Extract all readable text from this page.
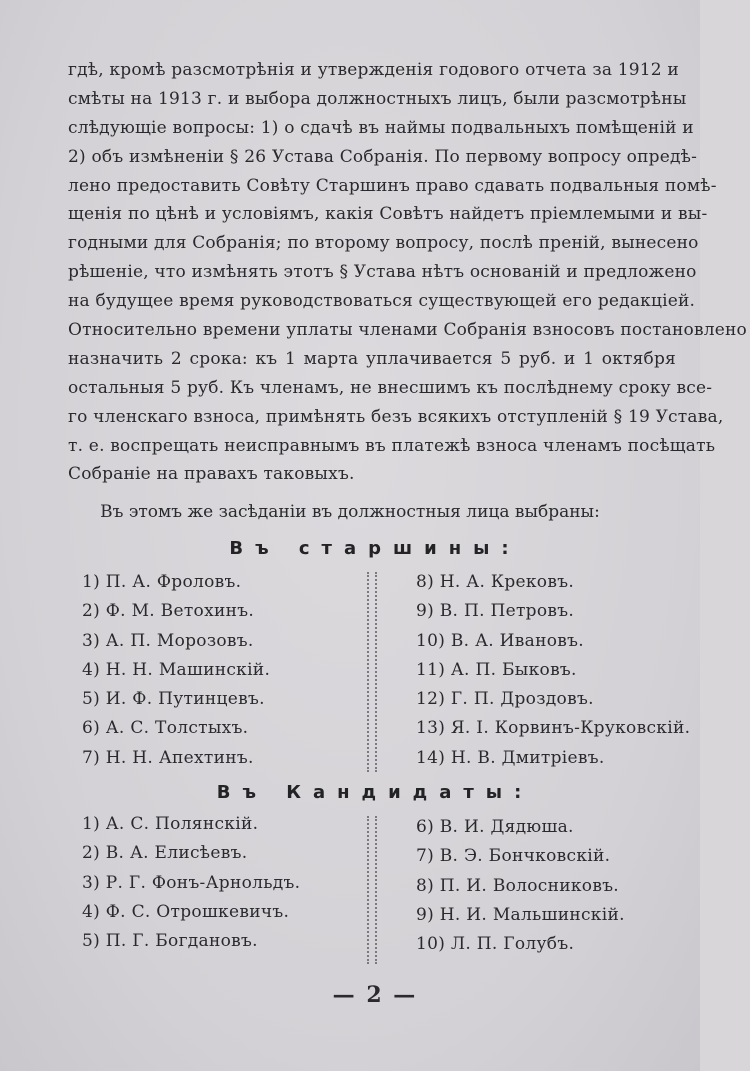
гдѣ, кромѣ разсмотрѣнія и утвержденія годового отчета за 1912 и
смѣты на 1913 г. и выбора должностныхъ лицъ, были разсмотрѣны
слѣдующіе вопросы: 1) о сдачѣ въ наймы подвальныхъ помѣщеній и
2) объ измѣненіи § 26 Устава Собранія. По первому вопросу опредѣ-
лено предоставить Совѣту Старшинъ право сдавать подвальныя помѣ-
щенія по цѣнѣ и условіямъ, какія Совѣтъ найдетъ пріемлемыми и вы-
годными для Собранія; по второму вопросу, послѣ преній, вынесено
рѣшеніе, что измѣнять этотъ § Устава нѣтъ основаній и предложено
на будущее время руководствоваться существующей его редакціей.
Относительно времени уплаты членами Собранія взносовъ постановлено
назначить 2 срока: къ 1 марта уплачивается 5 руб. и 1 октября
остальныя 5 руб. Къ членамъ, не внесшимъ къ послѣднему сроку все-
го членскаго взноса, примѣнять безъ всякихъ отступленій § 19 Устава,
т. е. воспрещать неисправнымъ въ платежѣ взноса членамъ посѣщать
Собраніе на правахъ таковыхъ.
Въ этомъ же засѣданіи въ должностныя лица выбраны:
Въ старшины:
1) П. А. Фроловъ.
2) Ф. М. Ветохинъ.
3) А. П. Морозовъ.
4) Н. Н. Машинскій.
5) И. Ф. Путинцевъ.
6) А. С. Толстыхъ.
7) Н. Н. Апехтинъ.
8) Н. А. Крековъ.
9) В. П. Петровъ.
10) В. А. Ивановъ.
11) А. П. Быковъ.
12) Г. П. Дроздовъ.
13) Я. І. Корвинъ-Круковскій.
14) Н. В. Дмитріевъ.
Въ Кандидаты:
1) А. С. Полянскій.
2) В. А. Елисѣевъ.
3) Р. Г. Фонъ-Арнольдъ.
4) Ф. С. Отрошкевичъ.
5) П. Г. Богдановъ.
6) В. И. Дядюша.
7) В. Э. Бончковскій.
8) П. И. Волосниковъ.
9) Н. И. Мальшинскій.
10) Л. П. Голубъ.
— 2 —
